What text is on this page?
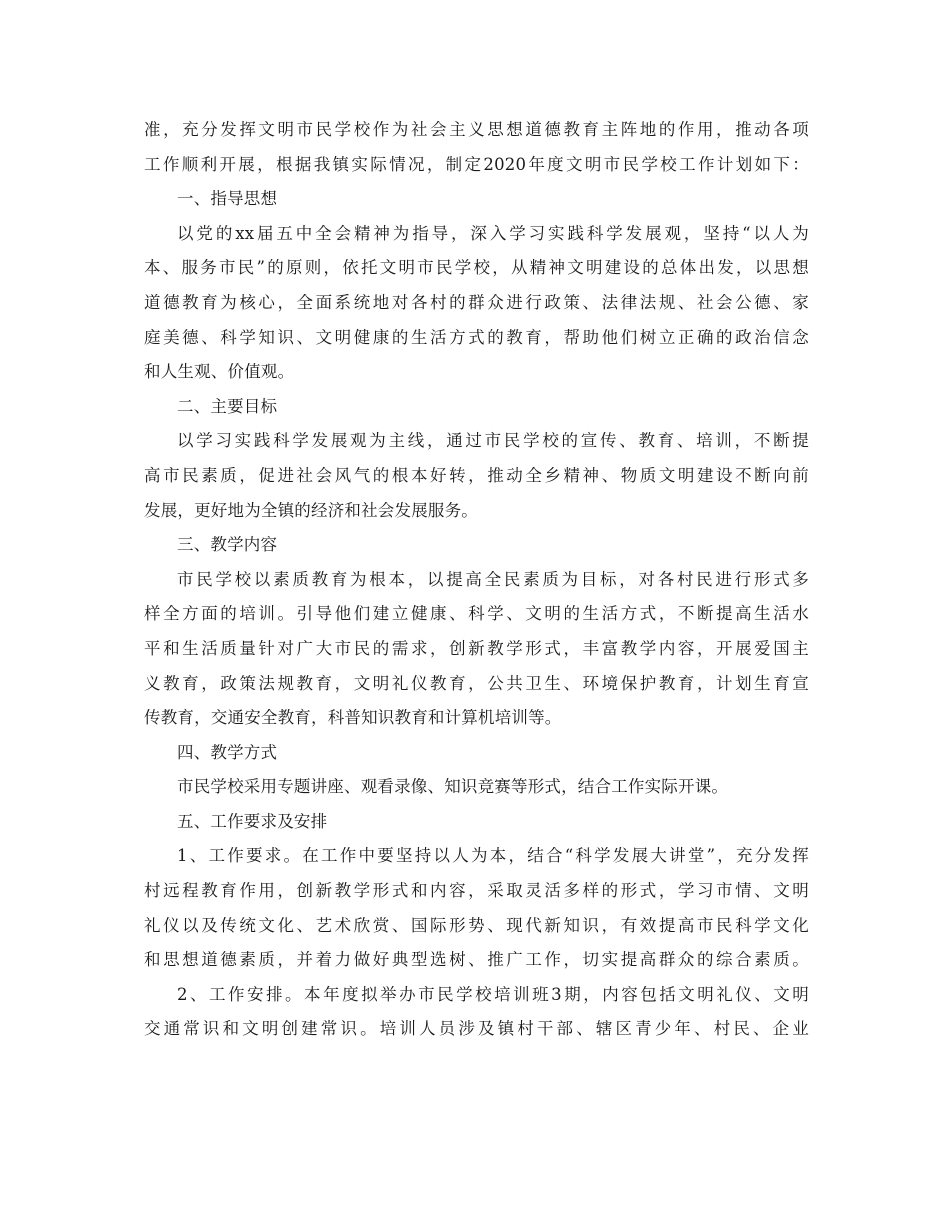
准，充分发挥文明市民学校作为社会主义思想道德教育主阵地的作用，推动各项
工作顺利开展，根据我镇实际情况，制定2020年度文明市民学校工作计划如下：
一、指导思想
以党的xx届五中全会精神为指导，深入学习实践科学发展观，坚持“以人为
本、服务市民”的原则，依托文明市民学校，从精神文明建设的总体出发，以思想
道德教育为核心，全面系统地对各村的群众进行政策、法律法规、社会公德、家
庭美德、科学知识、文明健康的生活方式的教育，帮助他们树立正确的政治信念
和人生观、价值观。
二、主要目标
以学习实践科学发展观为主线，通过市民学校的宣传、教育、培训，不断提
高市民素质，促进社会风气的根本好转，推动全乡精神、物质文明建设不断向前
发展，更好地为全镇的经济和社会发展服务。
三、教学内容
市民学校以素质教育为根本，以提高全民素质为目标，对各村民进行形式多
样全方面的培训。引导他们建立健康、科学、文明的生活方式，不断提高生活水
平和生活质量针对广大市民的需求，创新教学形式，丰富教学内容，开展爱国主
义教育，政策法规教育，文明礼仪教育，公共卫生、环境保护教育，计划生育宣
传教育，交通安全教育，科普知识教育和计算机培训等。
四、教学方式
市民学校采用专题讲座、观看录像、知识竞赛等形式，结合工作实际开课。
五、工作要求及安排
1、工作要求。在工作中要坚持以人为本，结合“科学发展大讲堂”，充分发挥
村远程教育作用，创新教学形式和内容，采取灵活多样的形式，学习市情、文明
礼仪以及传统文化、艺术欣赏、国际形势、现代新知识，有效提高市民科学文化
和思想道德素质，并着力做好典型选树、推广工作，切实提高群众的综合素质。
2、工作安排。本年度拟举办市民学校培训班3期，内容包括文明礼仪、文明
交通常识和文明创建常识。培训人员涉及镇村干部、辖区青少年、村民、企业
